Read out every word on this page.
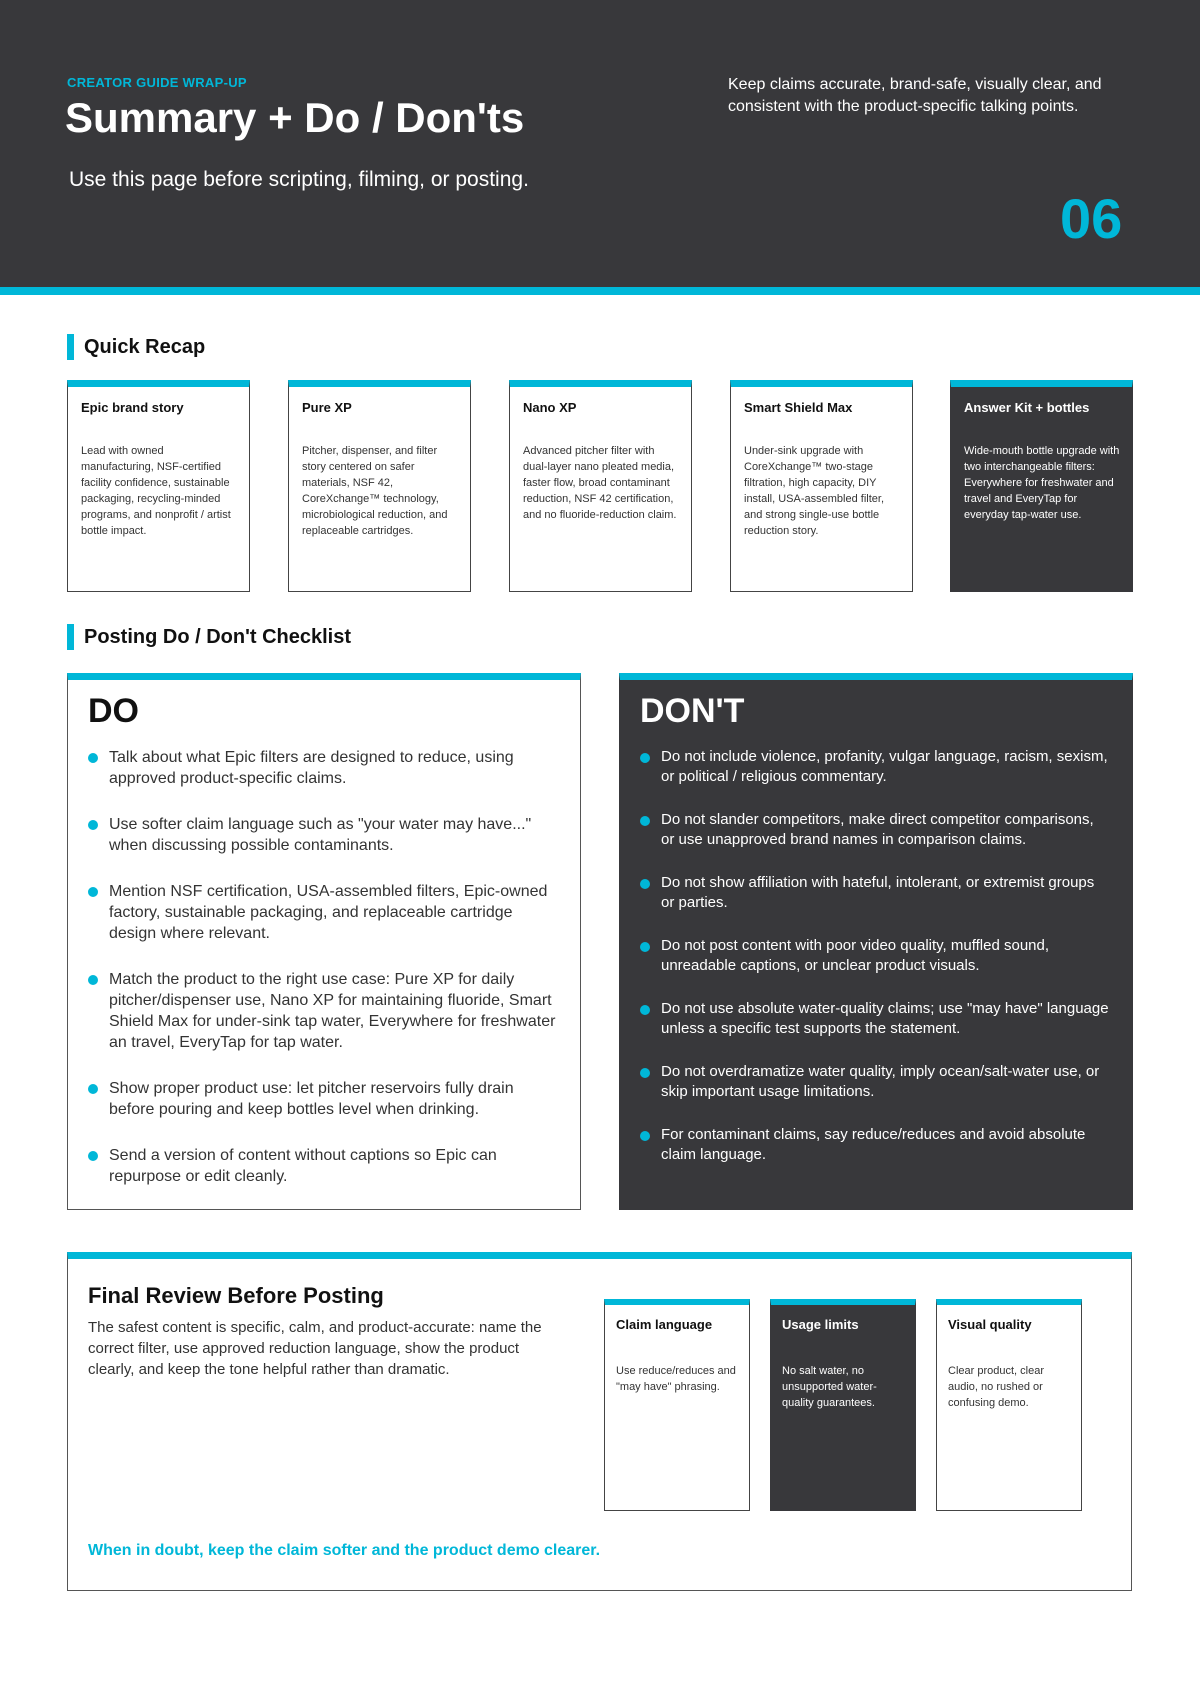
CREATOR GUIDE WRAP-UP
Summary + Do / Don'ts
Use this page before scripting, filming, or posting.
Keep claims accurate, brand-safe, visually clear, and consistent with the product-specific talking points.
06
Quick Recap
Epic brand story
Lead with owned manufacturing, NSF-certified facility confidence, sustainable packaging, recycling-minded programs, and nonprofit / artist bottle impact.
Pure XP
Pitcher, dispenser, and filter story centered on safer materials, NSF 42, CoreXchange™ technology, microbiological reduction, and replaceable cartridges.
Nano XP
Advanced pitcher filter with dual-layer nano pleated media, faster flow, broad contaminant reduction, NSF 42 certification, and no fluoride-reduction claim.
Smart Shield Max
Under-sink upgrade with CoreXchange™ two-stage filtration, high capacity, DIY install, USA-assembled filter, and strong single-use bottle reduction story.
Answer Kit + bottles
Wide-mouth bottle upgrade with two interchangeable filters: Everywhere for freshwater and travel and EveryTap for everyday tap-water use.
Posting Do / Don't Checklist
DO
Talk about what Epic filters are designed to reduce, using approved product-specific claims.
Use softer claim language such as "your water may have..." when discussing possible contaminants.
Mention NSF certification, USA-assembled filters, Epic-owned factory, sustainable packaging, and replaceable cartridge design where relevant.
Match the product to the right use case: Pure XP for daily pitcher/dispenser use, Nano XP for maintaining fluoride, Smart Shield Max for under-sink tap water, Everywhere for freshwater an travel, EveryTap for tap water.
Show proper product use: let pitcher reservoirs fully drain before pouring and keep bottles level when drinking.
Send a version of content without captions so Epic can repurpose or edit cleanly.
DON'T
Do not include violence, profanity, vulgar language, racism, sexism, or political / religious commentary.
Do not slander competitors, make direct competitor comparisons, or use unapproved brand names in comparison claims.
Do not show affiliation with hateful, intolerant, or extremist groups or parties.
Do not post content with poor video quality, muffled sound, unreadable captions, or unclear product visuals.
Do not use absolute water-quality claims; use "may have" language unless a specific test supports the statement.
Do not overdramatize water quality, imply ocean/salt-water use, or skip important usage limitations.
For contaminant claims, say reduce/reduces and avoid absolute claim language.
Final Review Before Posting
The safest content is specific, calm, and product-accurate: name the correct filter, use approved reduction language, show the product clearly, and keep the tone helpful rather than dramatic.
Claim language
Use reduce/reduces and "may have" phrasing.
Usage limits
No salt water, no unsupported water-quality guarantees.
Visual quality
Clear product, clear audio, no rushed or confusing demo.
When in doubt, keep the claim softer and the product demo clearer.
